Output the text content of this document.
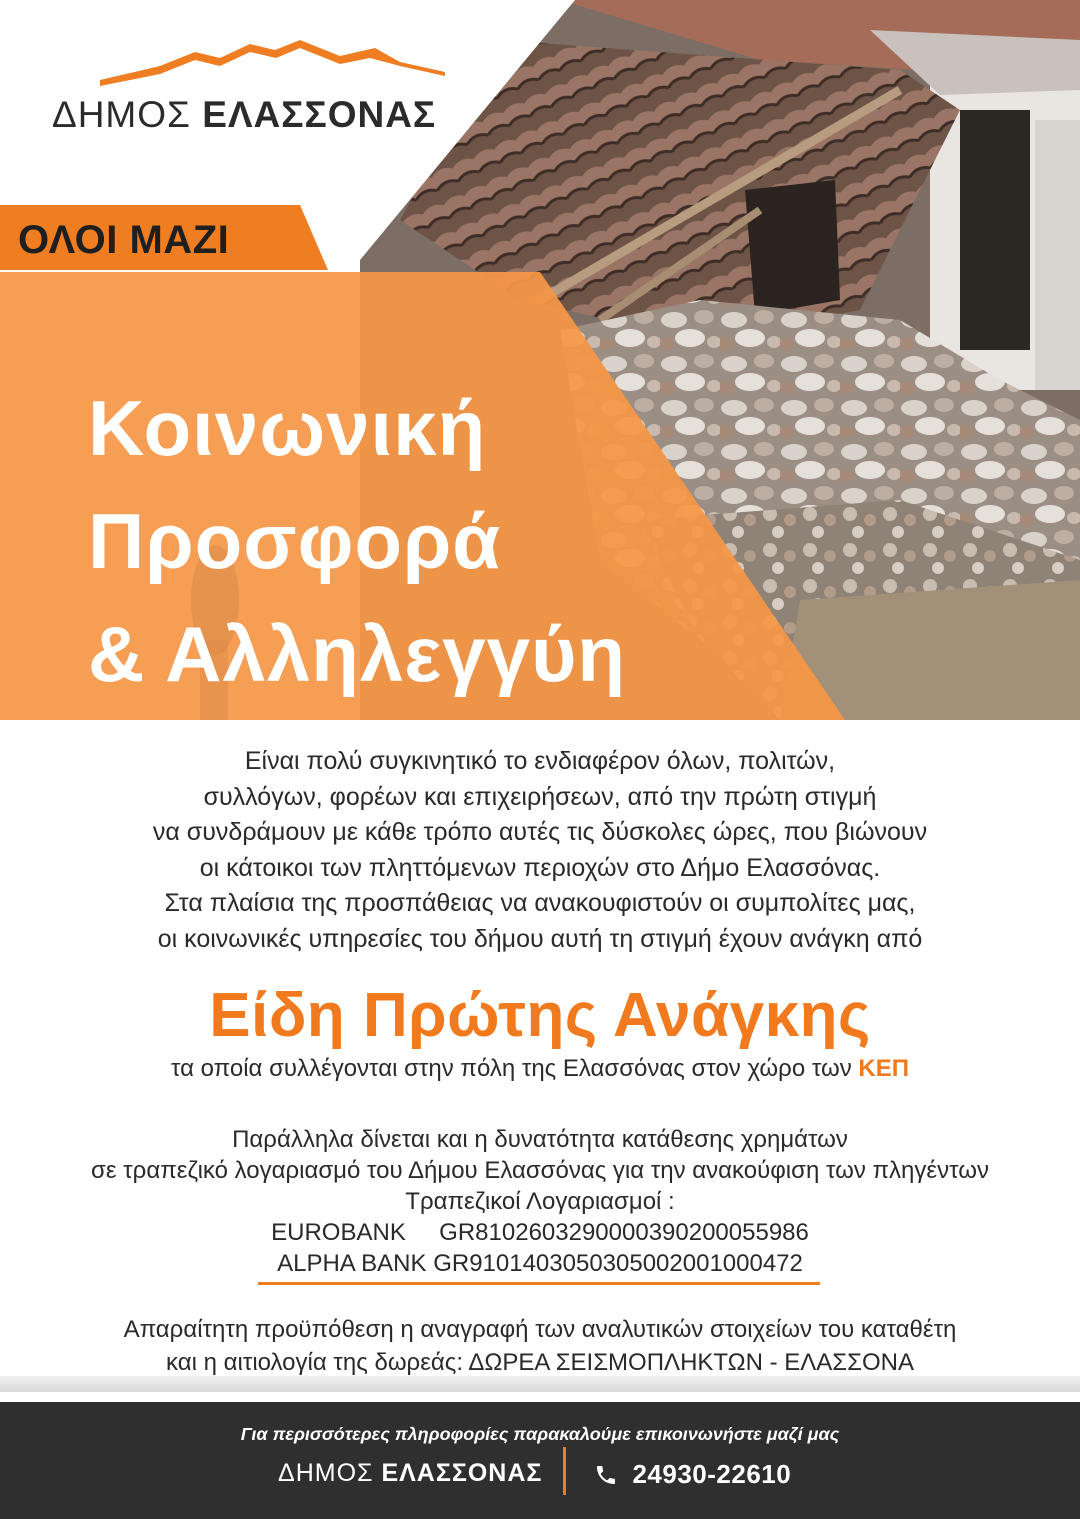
ΔΗΜΟΣ ΕΛΑΣΣΟΝΑΣ
ΟΛΟΙ ΜΑΖΙ
Κοινωνική
Προσφορά
& Αλληλεγγύη
Είναι πολύ συγκινητικό το ενδιαφέρον όλων, πολιτών,
συλλόγων, φορέων και επιχειρήσεων, από την πρώτη στιγμή
να συνδράμουν με κάθε τρόπο αυτές τις δύσκολες ώρες, που βιώνουν
οι κάτοικοι των πληττόμενων περιοχών στο Δήμο Ελασσόνας.
Στα πλαίσια της προσπάθειας να ανακουφιστούν οι συμπολίτες μας,
οι κοινωνικές υπηρεσίες του δήμου αυτή τη στιγμή έχουν ανάγκη από
Είδη Πρώτης Ανάγκης
τα οποία συλλέγονται στην πόλη της Ελασσόνας στον χώρο των ΚΕΠ
Παράλληλα δίνεται και η δυνατότητα κατάθεσης χρημάτων
σε τραπεζικό λογαριασμό του Δήμου Ελασσόνας για την ανακούφιση των πληγέντων
Τραπεζικοί Λογαριασμοί :
EUROBANK GR8102603290000390200055986
ALPHA BANK GR9101403050305002001000472
Απαραίτητη προϋπόθεση η αναγραφή των αναλυτικών στοιχείων του καταθέτη
και η αιτιολογία της δωρεάς: ΔΩΡΕΑ ΣΕΙΣΜΟΠΛΗΚΤΩΝ - ΕΛΑΣΣΟΝΑ
Για περισσότερες πληροφορίες παρακαλούμε επικοινωνήστε μαζί μας
ΔΗΜΟΣ ΕΛΑΣΣΟΝΑΣ	24930-22610
